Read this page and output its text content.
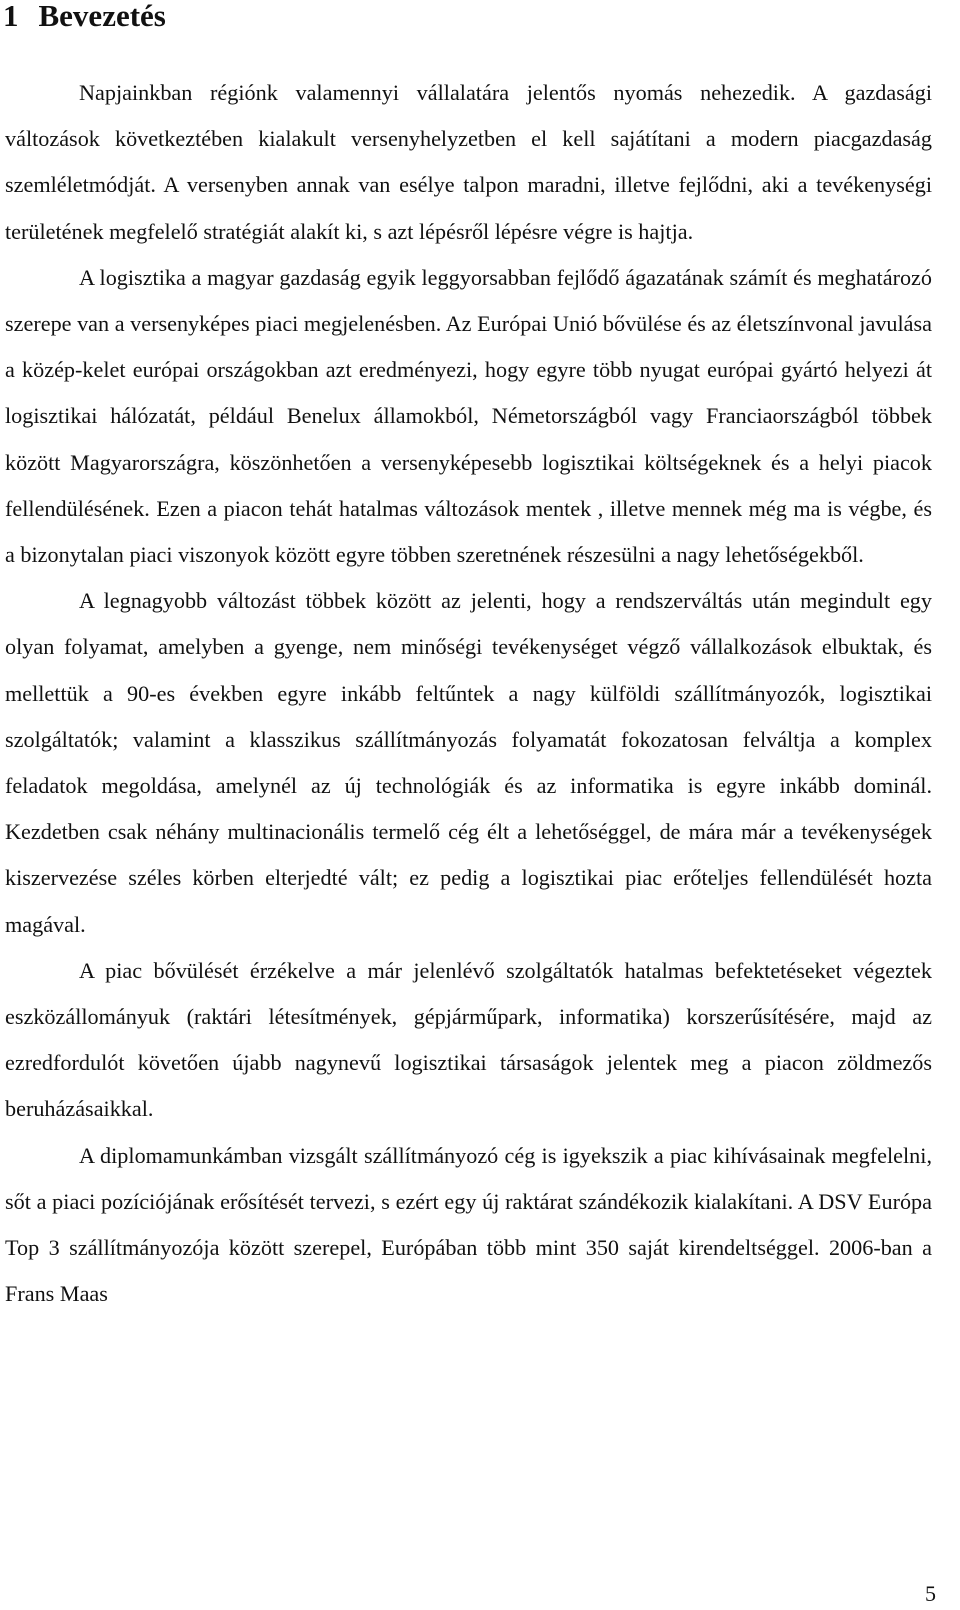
1 Bevezetés

Napjainkban régiónk valamennyi vállalatára jelentős nyomás nehezedik. A gazdasági változások következtében kialakult versenyhelyzetben el kell sajátítani a modern piacgazdaság szemléletmódját. A versenyben annak van esélye talpon maradni, illetve fejlődni, aki a tevékenységi területének megfelelő stratégiát alakít ki, s azt lépésről lépésre végre is hajtja.

A logisztika a magyar gazdaság egyik leggyorsabban fejlődő ágazatának számít és meghatározó szerepe van a versenyképes piaci megjelenésben. Az Európai Unió bővülése és az életszínvonal javulása a közép-kelet európai országokban azt eredményezi, hogy egyre több nyugat európai gyártó helyezi át logisztikai hálózatát, például Benelux államokból, Németországból vagy Franciaországból többek között Magyarországra, köszönhetően a versenyképesebb logisztikai költségeknek és a helyi piacok fellendülésének. Ezen a piacon tehát hatalmas változások mentek , illetve mennek még ma is végbe, és a bizonytalan piaci viszonyok között egyre többen szeretnének részesülni a nagy lehetőségekből.

A legnagyobb változást többek között az jelenti, hogy a rendszerváltás után megindult egy olyan folyamat, amelyben a gyenge, nem minőségi tevékenységet végző vállalkozások elbuktak, és mellettük a 90-es években egyre inkább feltűntek a nagy külföldi szállítmányozók, logisztikai szolgáltatók; valamint a klasszikus szállítmányozás folyamatát fokozatosan felváltja a komplex feladatok megoldása, amelynél az új technológiák és az informatika is egyre inkább dominál. Kezdetben csak néhány multinacionális termelő cég élt a lehetőséggel, de mára már a tevékenységek kiszervezése széles körben elterjedté vált; ez pedig a logisztikai piac erőteljes fellendülését hozta magával.

A piac bővülését érzékelve a már jelenlévő szolgáltatók hatalmas befektetéseket végeztek eszközállományuk (raktári létesítmények, gépjárműpark, informatika) korszerűsítésére, majd az ezredfordulót követően újabb nagynevű logisztikai társaságok jelentek meg a piacon zöldmezős beruházásaikkal.

A diplomamunkámban vizsgált szállítmányozó cég is igyekszik a piac kihívásainak megfelelni, sőt a piaci pozíciójának erősítését tervezi, s ezért egy új raktárat szándékozik kialakítani. A DSV Európa Top 3 szállítmányozója között szerepel, Európában több mint 350 saját kirendeltséggel. 2006-ban a Frans Maas

5
